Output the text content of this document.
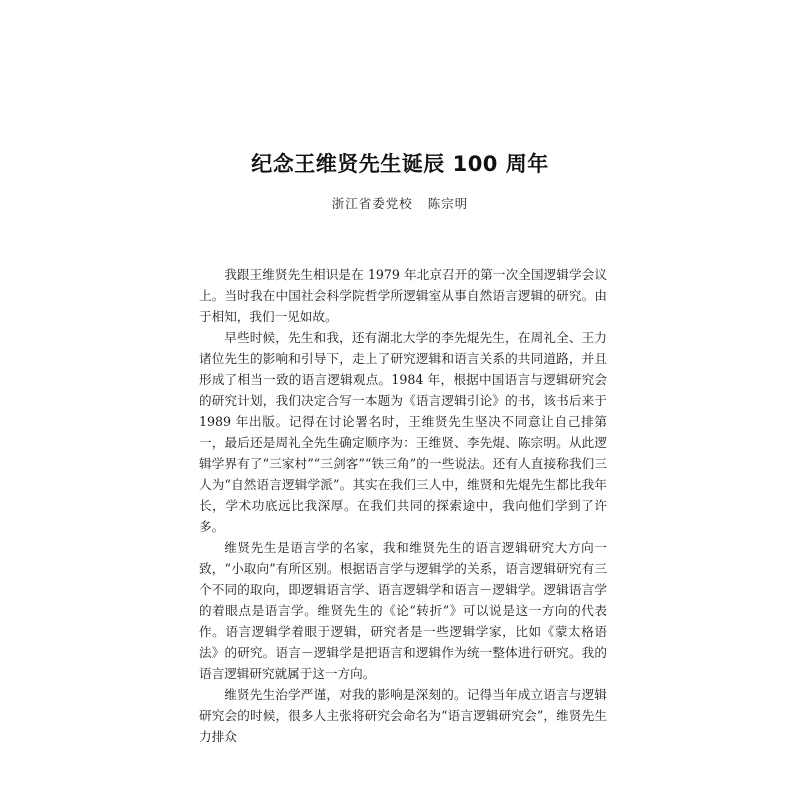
纪念王维贤先生诞辰 100 周年
浙江省委党校   陈宗明

我跟王维贤先生相识是在 1979 年北京召开的第一次全国逻辑学会议上。当时我在中国社会科学院哲学所逻辑室从事自然语言逻辑的研究。由于相知，我们一见如故。

早些时候，先生和我，还有湖北大学的李先焜先生，在周礼全、王力诸位先生的影响和引导下，走上了研究逻辑和语言关系的共同道路，并且形成了相当一致的语言逻辑观点。1984 年，根据中国语言与逻辑研究会的研究计划，我们决定合写一本题为《语言逻辑引论》的书，该书后来于 1989 年出版。记得在讨论署名时，王维贤先生坚决不同意让自己排第一，最后还是周礼全先生确定顺序为：王维贤、李先焜、陈宗明。从此逻辑学界有了“三家村”“三剑客”“铁三角”的一些说法。还有人直接称我们三人为“自然语言逻辑学派”。其实在我们三人中，维贤和先焜先生都比我年长，学术功底远比我深厚。在我们共同的探索途中，我向他们学到了许多。

维贤先生是语言学的名家，我和维贤先生的语言逻辑研究大方向一致，“小取向”有所区别。根据语言学与逻辑学的关系，语言逻辑研究有三个不同的取向，即逻辑语言学、语言逻辑学和语言－逻辑学。逻辑语言学的着眼点是语言学。维贤先生的《论“转折”》可以说是这一方向的代表作。语言逻辑学着眼于逻辑，研究者是一些逻辑学家，比如《蒙太格语法》的研究。语言－逻辑学是把语言和逻辑作为统一整体进行研究。我的语言逻辑研究就属于这一方向。

维贤先生治学严谨，对我的影响是深刻的。记得当年成立语言与逻辑研究会的时候，很多人主张将研究会命名为“语言逻辑研究会”，维贤先生力排众
